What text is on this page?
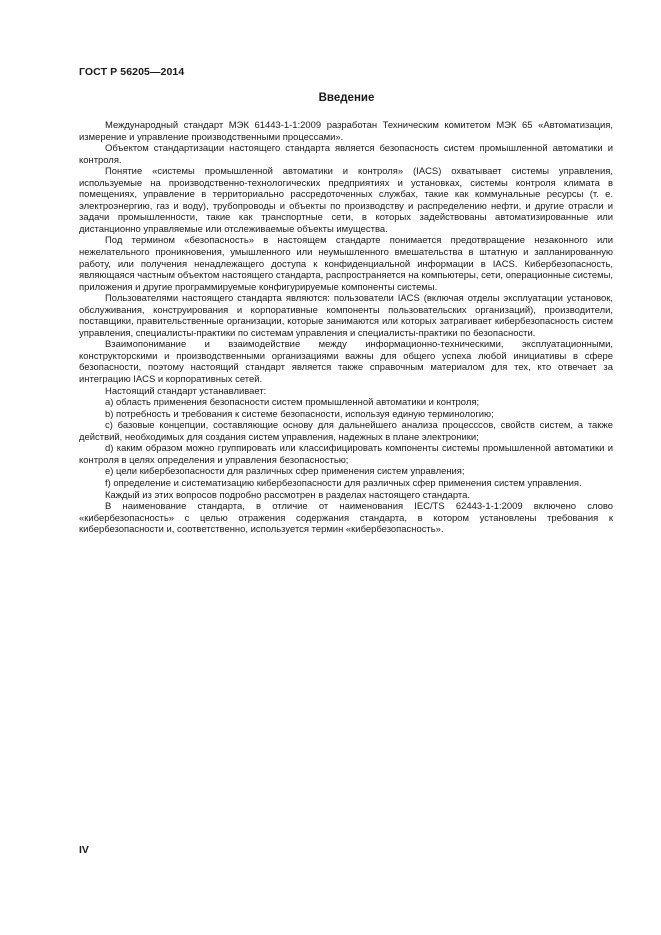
ГОСТ Р 56205—2014
Введение

Международный стандарт МЭК 61443-1-1:2009 разработан Техническим комитетом МЭК 65 «Автоматизация, измерение и управление производственными процессами».

Объектом стандартизации настоящего стандарта является безопасность систем промышленной автоматики и контроля.

Понятие «системы промышленной автоматики и контроля» (IACS) охватывает системы управления, используемые на производственно-технологических предприятиях и установках, системы контроля климата в помещениях, управление в территориально рассредоточенных службах, такие как коммунальные ресурсы (т. е. электроэнергию, газ и воду), трубопроводы и объекты по производству и распределению нефти, и другие отрасли и задачи промышленности, такие как транспортные сети, в которых задействованы автоматизированные или дистанционно управляемые или отслеживаемые объекты имущества.

Под термином «безопасность» в настоящем стандарте понимается предотвращение незаконного или нежелательного проникновения, умышленного или неумышленного вмешательства в штатную и запланированную работу, или получения ненадлежащего доступа к конфиденциальной информации в IACS. Кибербезопасность, являющаяся частным объектом настоящего стандарта, распространяется на компьютеры, сети, операционные системы, приложения и другие программируемые конфигурируемые компоненты системы.

Пользователями настоящего стандарта являются: пользователи IACS (включая отделы эксплуатации установок, обслуживания, конструирования и корпоративные компоненты пользовательских организаций), производители, поставщики, правительственные организации, которые занимаются или которых затрагивает кибербезопасность систем управления, специалисты-практики по системам управления и специалисты-практики по безопасности.

Взаимопонимание и взаимодействие между информационно-техническими, эксплуатационными, конструкторскими и производственными организациями важны для общего успеха любой инициативы в сфере безопасности, поэтому настоящий стандарт является также справочным материалом для тех, кто отвечает за интеграцию IACS и корпоративных сетей.

Настоящий стандарт устанавливает:

a) область применения безопасности систем промышленной автоматики и контроля;

b) потребность и требования к системе безопасности, используя единую терминологию;

c) базовые концепции, составляющие основу для дальнейшего анализа процесссов, свойств систем, а также действий, необходимых для создания систем управления, надежных в плане электроники;

d) каким образом можно группировать или классифицировать компоненты системы промышленной автоматики и контроля в целях определения и управления безопасностью;

e) цели кибербезопасности для различных сфер применения систем управления;

f) определение и систематизацию кибербезопасности для различных сфер применения систем управления.

Каждый из этих вопросов подробно рассмотрен в разделах настоящего стандарта.

В наименование стандарта, в отличие от наименования IEC/TS 62443-1-1:2009 включено слово «кибербезопасность» с целью отражения содержания стандарта, в котором установлены требования к кибербезопасности и, соответственно, используется термин «кибербезопасность».

IV
